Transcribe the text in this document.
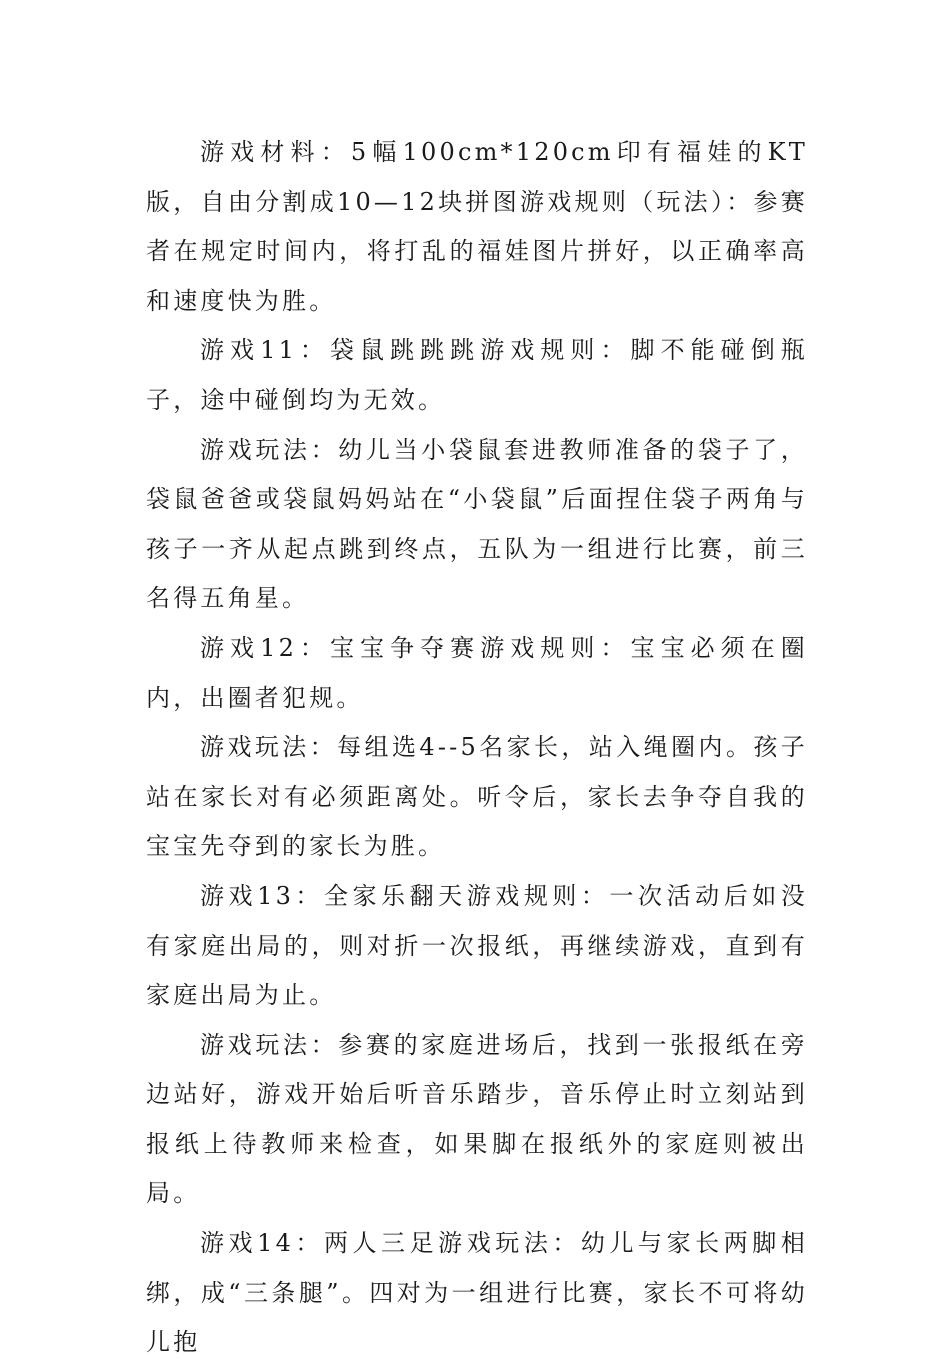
游戏材料：5幅100cm*120cm印有福娃的KT版，自由分割成10—12块拼图游戏规则（玩法）：参赛者在规定时间内，将打乱的福娃图片拼好，以正确率高和速度快为胜。

游戏11：袋鼠跳跳跳游戏规则：脚不能碰倒瓶子，途中碰倒均为无效。

游戏玩法：幼儿当小袋鼠套进教师准备的袋子了，袋鼠爸爸或袋鼠妈妈站在“小袋鼠”后面捏住袋子两角与孩子一齐从起点跳到终点，五队为一组进行比赛，前三名得五角星。

游戏12：宝宝争夺赛游戏规则：宝宝必须在圈内，出圈者犯规。

游戏玩法：每组选4--5名家长，站入绳圈内。孩子站在家长对有必须距离处。听令后，家长去争夺自我的宝宝先夺到的家长为胜。

游戏13：全家乐翻天游戏规则：一次活动后如没有家庭出局的，则对折一次报纸，再继续游戏，直到有家庭出局为止。

游戏玩法：参赛的家庭进场后，找到一张报纸在旁边站好，游戏开始后听音乐踏步，音乐停止时立刻站到报纸上待教师来检查，如果脚在报纸外的家庭则被出局。

游戏14：两人三足游戏玩法：幼儿与家长两脚相绑，成“三条腿”。四对为一组进行比赛，家长不可将幼儿抱
